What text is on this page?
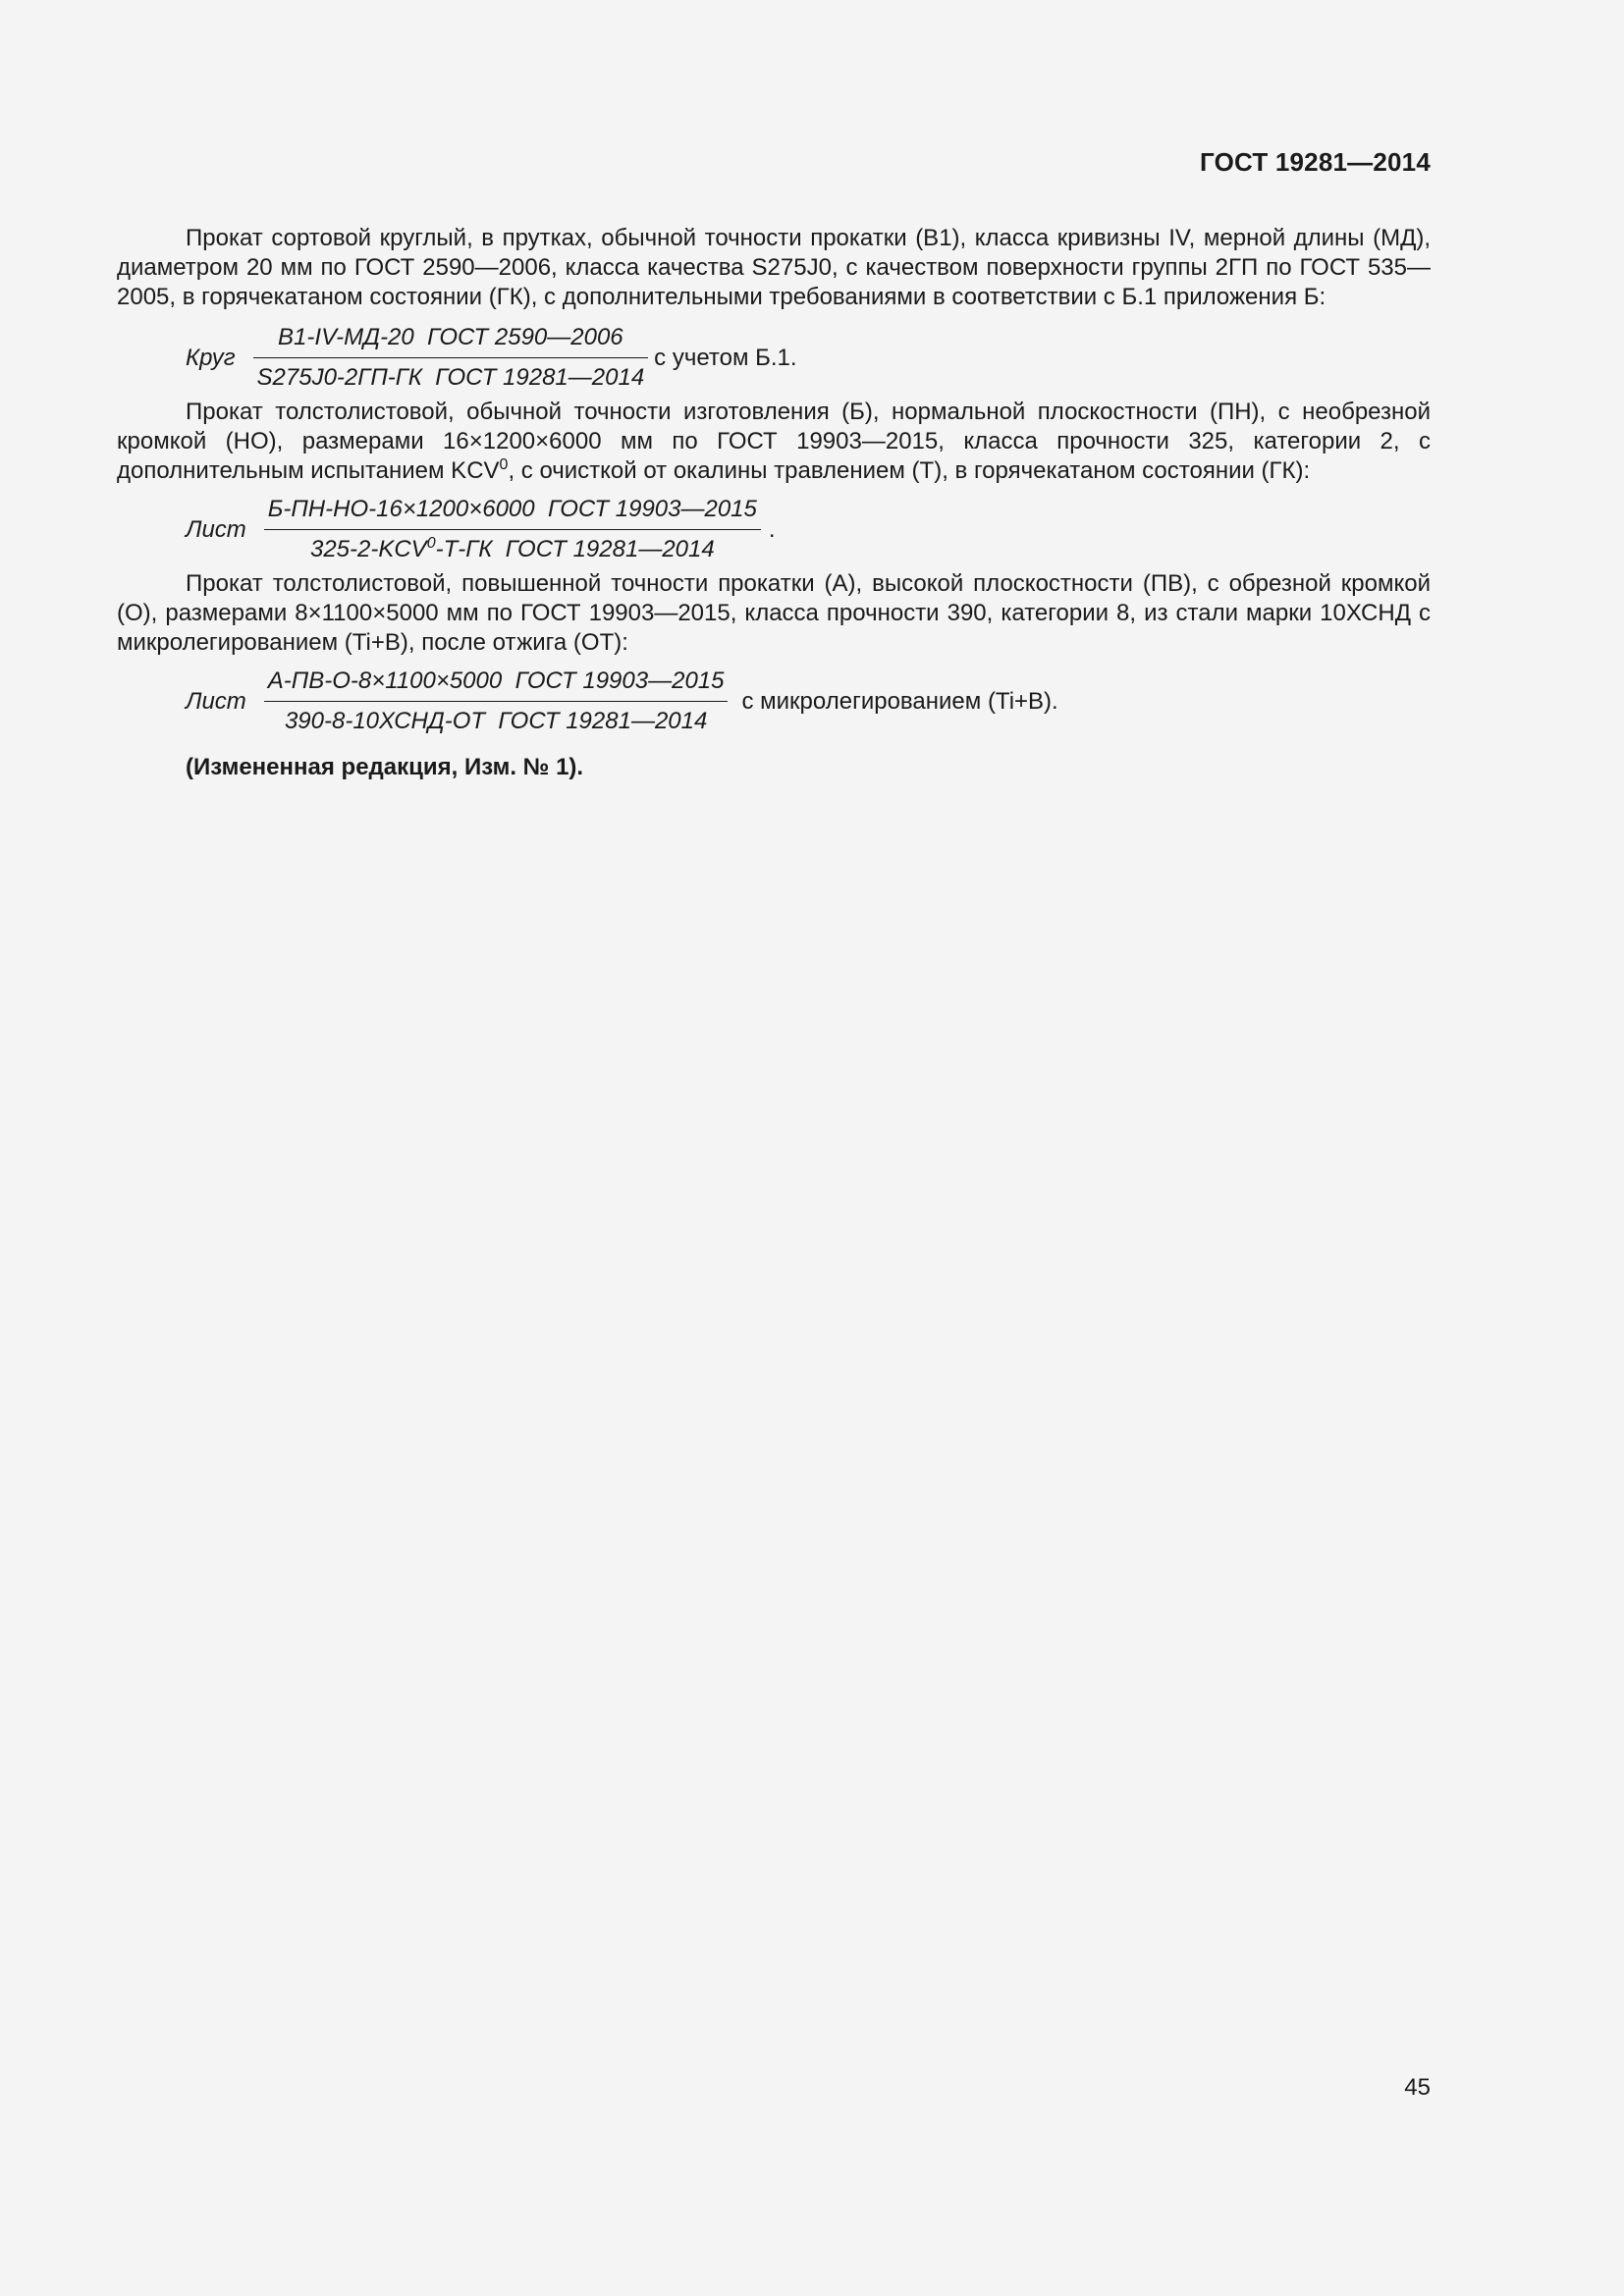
ГОСТ 19281—2014

Прокат сортовой круглый, в прутках, обычной точности прокатки (В1), класса кривизны IV, мерной длины (МД), диаметром 20 мм по ГОСТ 2590—2006, класса качества S275J0, с качеством поверхности группы 2ГП по ГОСТ 535—2005, в горячекатаном состоянии (ГК), с дополнительными требованиями в соответствии с Б.1 приложения Б:

Круг $\frac{\text{В1-IV-МД-20  ГОСТ 2590—2006}}{\text{S275J0-2ГП-ГК  ГОСТ 19281—2014}}$ с учетом Б.1.

Прокат толстолистовой, обычной точности изготовления (Б), нормальной плоскостности (ПН), с необрезной кромкой (НО), размерами 16×1200×6000 мм по ГОСТ 19903—2015, класса прочности 325, категории 2, с дополнительным испытанием KCV$^0$, с очисткой от окалины травлением (Т), в горячекатаном состоянии (ГК):

Лист $\frac{\text{Б-ПН-НО-16×1200×6000  ГОСТ 19903—2015}}{325-2-KCV^0-Т-ГК ГОСТ 19281—2014}$ .

Прокат толстолистовой, повышенной точности прокатки (А), высокой плоскостности (ПВ), с обрезной кромкой (О), размерами 8×1100×5000 мм по ГОСТ 19903—2015, класса прочности 390, категории 8, из стали марки 10ХСНД с микролегированием (Ti+B), после отжига (ОТ):

Лист $\frac{\text{А-ПВ-О-8×1100×5000  ГОСТ 19903—2015}}{\text{390-8-10ХСНД-ОТ  ГОСТ 19281—2014}}$ с микролегированием (Ti+B).

(Измененная редакция, Изм. № 1).

45
